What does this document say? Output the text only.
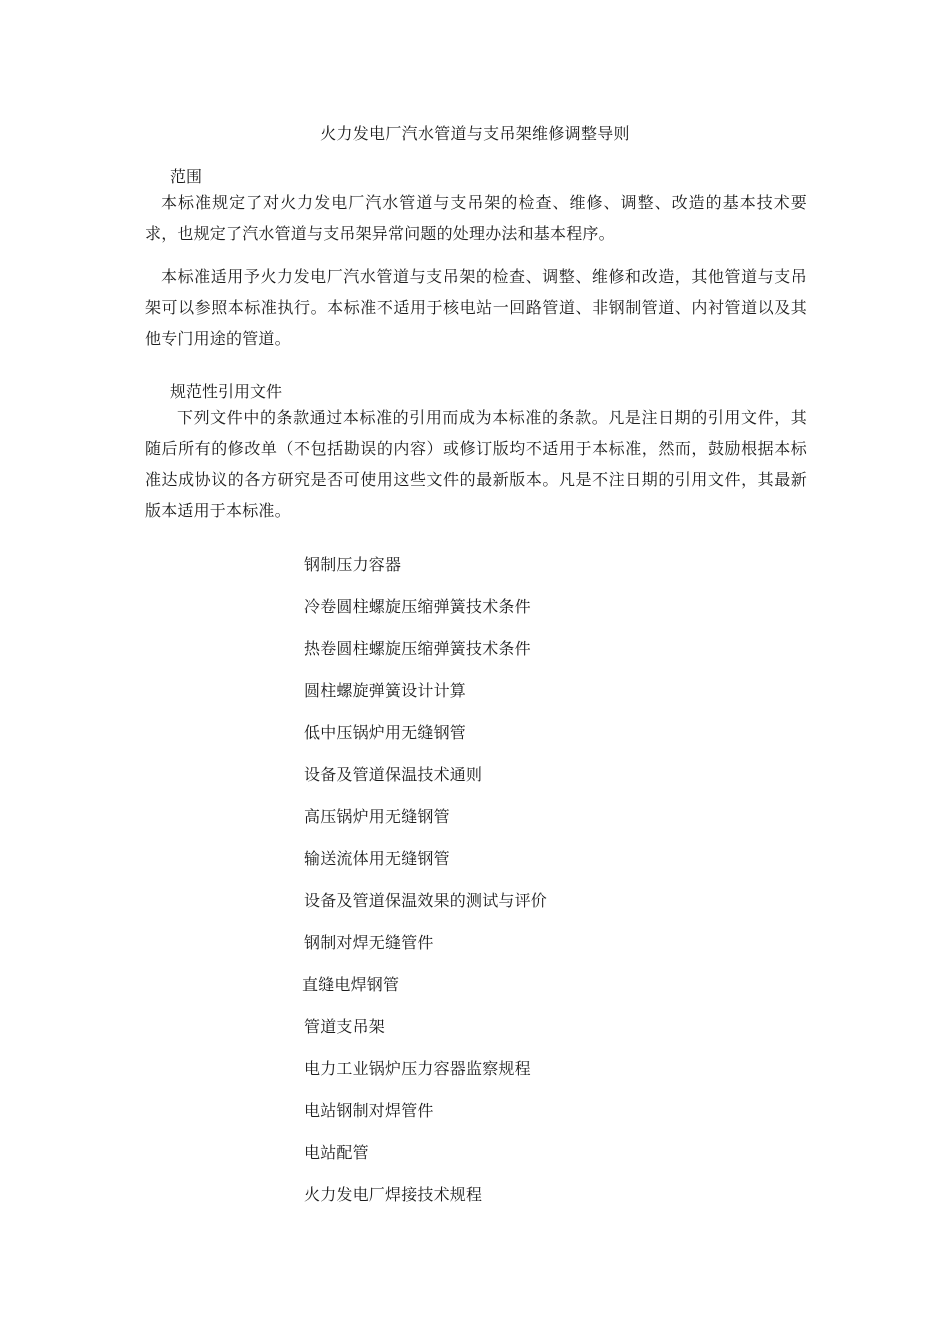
火力发电厂汽水管道与支吊架维修调整导则
范围

本标准规定了对火力发电厂汽水管道与支吊架的检查、维修、调整、改造的基本技术要求，也规定了汽水管道与支吊架异常问题的处理办法和基本程序。

本标准适用予火力发电厂汽水管道与支吊架的检查、调整、维修和改造，其他管道与支吊架可以参照本标准执行。本标准不适用于核电站一回路管道、非钢制管道、内衬管道以及其他专门用途的管道。

规范性引用文件

下列文件中的条款通过本标准的引用而成为本标准的条款。凡是注日期的引用文件，其随后所有的修改单（不包括勘误的内容）或修订版均不适用于本标准，然而，鼓励根据本标准达成协议的各方研究是否可使用这些文件的最新版本。凡是不注日期的引用文件，其最新版本适用于本标准。

钢制压力容器
冷卷圆柱螺旋压缩弹簧技术条件
热卷圆柱螺旋压缩弹簧技术条件
圆柱螺旋弹簧设计计算
低中压锅炉用无缝钢管
设备及管道保温技术通则
高压锅炉用无缝钢管
输送流体用无缝钢管
设备及管道保温效果的测试与评价
钢制对焊无缝管件
直缝电焊钢管
管道支吊架
电力工业锅炉压力容器监察规程
电站钢制对焊管件
电站配管
火力发电厂焊接技术规程
